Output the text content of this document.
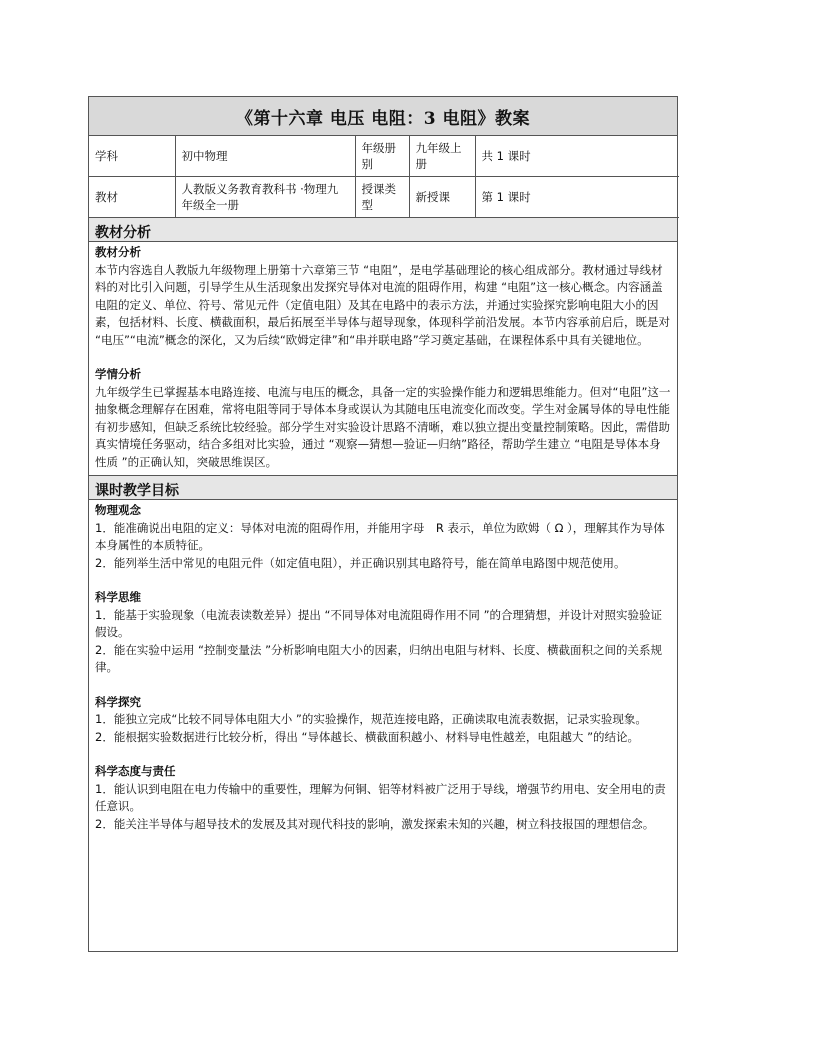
《第十六章 电压 电阻：3 电阻》教案
学科	初中物理	年级册别	九年级上册	共 1 课时
教材	人教版义务教育教科书 ·物理九年级全一册	授课类型	新授课	第 1 课时
教材分析

教材分析

本节内容选自人教版九年级物理上册第十六章第三节 “电阻”，是电学基础理论的核心组成部分。教材通过导线材料的对比引入问题，引导学生从生活现象出发探究导体对电流的阻碍作用，构建 “电阻”这一核心概念。内容涵盖电阻的定义、单位、符号、常见元件（定值电阻）及其在电路中的表示方法，并通过实验探究影响电阻大小的因素，包括材料、长度、横截面积，最后拓展至半导体与超导现象，体现科学前沿发展。本节内容承前启后，既是对 “电压”“电流”概念的深化，又为后续“欧姆定律”和“串并联电路”学习奠定基础，在课程体系中具有关键地位。

学情分析

九年级学生已掌握基本电路连接、电流与电压的概念，具备一定的实验操作能力和逻辑思维能力。但对“电阻”这一抽象概念理解存在困难，常将电阻等同于导体本身或误认为其随电压电流变化而改变。学生对金属导体的导电性能有初步感知，但缺乏系统比较经验。部分学生对实验设计思路不清晰，难以独立提出变量控制策略。因此，需借助真实情境任务驱动，结合多组对比实验，通过 “观察—猜想—验证—归纳”路径，帮助学生建立 “电阻是导体本身性质 ”的正确认知，突破思维误区。

课时教学目标

物理观念

1．能准确说出电阻的定义：导体对电流的阻碍作用，并能用字母　R 表示，单位为欧姆（ Ω ），理解其作为导体本身属性的本质特征。

2．能列举生活中常见的电阻元件（如定值电阻），并正确识别其电路符号，能在简单电路图中规范使用。

科学思维

1．能基于实验现象（电流表读数差异）提出 “不同导体对电流阻碍作用不同 ”的合理猜想，并设计对照实验验证假设。

2．能在实验中运用 “控制变量法 ”分析影响电阻大小的因素，归纳出电阻与材料、长度、横截面积之间的关系规律。

科学探究

1．能独立完成“比较不同导体电阻大小 ”的实验操作，规范连接电路，正确读取电流表数据，记录实验现象。

2．能根据实验数据进行比较分析，得出 “导体越长、横截面积越小、材料导电性越差，电阻越大 ”的结论。

科学态度与责任

1．能认识到电阻在电力传输中的重要性，理解为何铜、铝等材料被广泛用于导线，增强节约用电、安全用电的责任意识。

2．能关注半导体与超导技术的发展及其对现代科技的影响，激发探索未知的兴趣，树立科技报国的理想信念。
